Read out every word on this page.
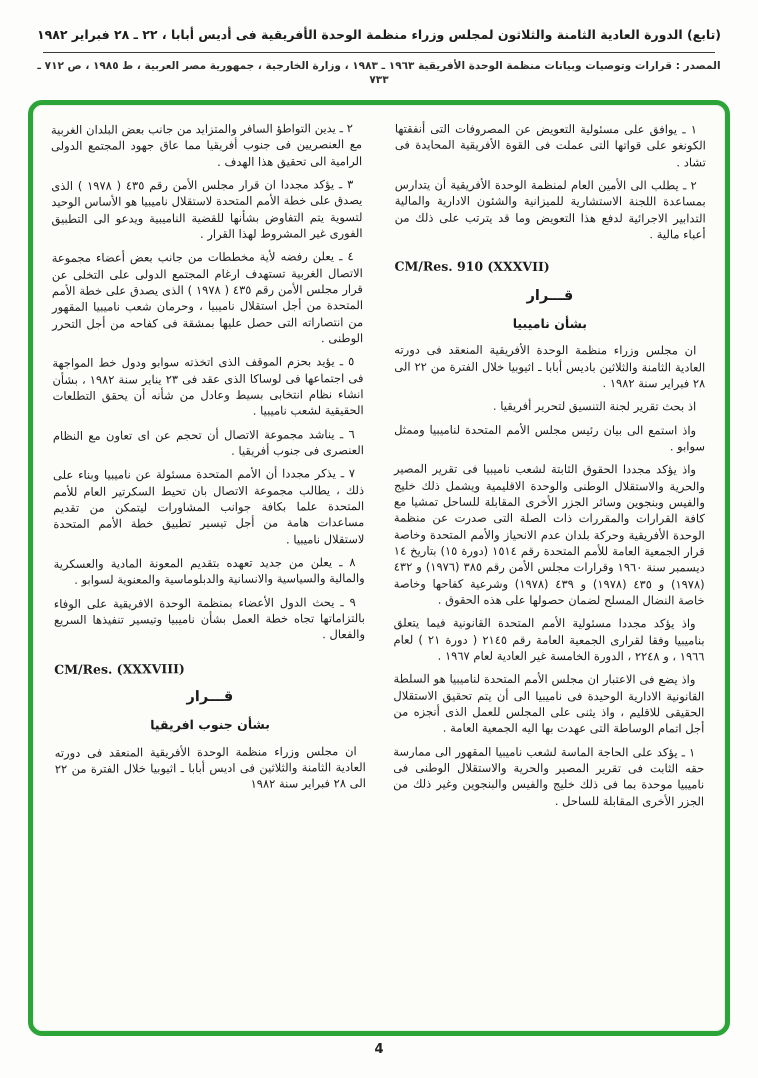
(تابع) الدورة العادية الثامنة والثلاثون لمجلس وزراء منظمة الوحدة الأفريقية فى أديس أبابا ، ٢٢ ـ ٢٨ فبراير ١٩٨٢
المصدر : قرارات وتوصيات وبيانات منظمة الوحدة الأفريقية ١٩٦٣ ـ ١٩٨٣ ، وزارة الخارجية ، جمهورية مصر العربية ، ط ١٩٨٥ ، ص ٧١٢ ـ ٧٣٣

١ ـ يوافق على مسئولية التعويض عن المصروفات التى أنفقتها الكونغو على قواتها التى عملت فى القوة الأفريقية المحايدة فى تشاد .

٢ ـ يطلب الى الأمين العام لمنظمة الوحدة الأفريقية أن يتدارس بمساعدة اللجنة الاستشارية للميزانية والشئون الادارية والمالية التدابير الاجرائية لدفع هذا التعويض وما قد يترتب على ذلك من أعباء مالية .

CM/Res. 910 (XXXVII)

قـــرار

بشأن ناميبيا

ان مجلس وزراء منظمة الوحدة الأفريقية المنعقد فى دورته العادية الثامنة والثلاثين باديس أبابا ـ اثيوبيا خلال الفترة من ٢٢ الى ٢٨ فبراير سنة ١٩٨٢ .

اذ بحث تقرير لجنة التنسيق لتحرير أفريقيا .

واذ استمع الى بيان رئيس مجلس الأمم المتحدة لناميبيا وممثل سوابو .

واذ يؤكد مجددا الحقوق الثابتة لشعب ناميبيا فى تقرير المصير والحرية والاستقلال الوطنى والوحدة الاقليمية ويشمل ذلك خليج والفيس وبنجوين وسائر الجزر الأخرى المقابلة للساحل تمشيا مع كافة القرارات والمقررات ذات الصلة التى صدرت عن منظمة الوحدة الأفريقية وحركة بلدان عدم الانحياز والأمم المتحدة وخاصة قرار الجمعية العامة للأمم المتحدة رقم ١٥١٤ (دورة ١٥) بتاريخ ١٤ ديسمبر سنة ١٩٦٠ وقرارات مجلس الأمن رقم ٣٨٥ (١٩٧٦) و ٤٣٢ (١٩٧٨) و ٤٣٥ (١٩٧٨) و ٤٣٩ (١٩٧٨) وشرعية كفاحها وخاصة خاصة النضال المسلح لضمان حصولها على هذه الحقوق .

واذ يؤكد مجددا مسئولية الأمم المتحدة القانونية فيما يتعلق بناميبيا وفقا لقرارى الجمعية العامة رقم ٢١٤٥ ( دورة ٢١ ) لعام ١٩٦٦ ، و ٢٢٤٨ ، الدورة الخامسة غير العادية لعام ١٩٦٧ .

واذ يضع فى الاعتبار ان مجلس الأمم المتحدة لناميبيا هو السلطة القانونية الادارية الوحيدة فى ناميبيا الى أن يتم تحقيق الاستقلال الحقيقى للاقليم ، واذ يثنى على المجلس للعمل الذى أنجزه من أجل اتمام الوساطة التى عهدت بها اليه الجمعية العامة .

١ ـ يؤكد على الحاجة الماسة لشعب ناميبيا المقهور الى ممارسة حقه الثابت فى تقرير المصير والحرية والاستقلال الوطنى فى ناميبيا موحدة بما فى ذلك خليج والفيس والبنجوين وغير ذلك من الجزر الأخرى المقابلة للساحل .

٢ ـ يدين التواطؤ السافر والمتزايد من جانب بعض البلدان الغربية مع العنصريين فى جنوب أفريقيا مما عاق جهود المجتمع الدولى الرامية الى تحقيق هذا الهدف .

٣ ـ يؤكد مجددا ان قرار مجلس الأمن رقم ٤٣٥ ( ١٩٧٨ ) الذى يصدق على خطة الأمم المتحدة لاستقلال ناميبيا هو الأساس الوحيد لتسوية يتم التفاوض بشأنها للقضية الناميبية ويدعو الى التطبيق الفورى غير المشروط لهذا القرار .

٤ ـ يعلن رفضه لأية مخططات من جانب بعض أعضاء مجموعة الاتصال الغربية تستهدف ارغام المجتمع الدولى على التخلى عن قرار مجلس الأمن رقم ٤٣٥ ( ١٩٧٨ ) الذى يصدق على خطة الأمم المتحدة من أجل استقلال ناميبيا ، وحرمان شعب ناميبيا المقهور من انتصاراته التى حصل عليها بمشقة فى كفاحه من أجل التحرر الوطنى .

٥ ـ يؤيد بحزم الموقف الذى اتخذته سوابو ودول خط المواجهة فى اجتماعها فى لوساكا الذى عقد فى ٢٣ يناير سنة ١٩٨٢ ، بشأن انشاء نظام انتخابى بسيط وعادل من شأنه أن يحقق التطلعات الحقيقية لشعب ناميبيا .

٦ ـ يناشد مجموعة الاتصال أن تحجم عن اى تعاون مع النظام العنصرى فى جنوب أفريقيا .

٧ ـ يذكر مجددا أن الأمم المتحدة مسئولة عن ناميبيا وبناء على ذلك ، يطالب مجموعة الاتصال بان تحيط السكرتير العام للأمم المتحدة علما بكافة جوانب المشاورات ليتمكن من تقديم مساعدات هامة من أجل تيسير تطبيق خطة الأمم المتحدة لاستقلال ناميبيا .

٨ ـ يعلن من جديد تعهده بتقديم المعونة المادية والعسكرية والمالية والسياسية والانسانية والدبلوماسية والمعنوية لسوابو .

٩ ـ يحث الدول الأعضاء بمنظمة الوحدة الافريقية على الوفاء بالتزاماتها تجاه خطة العمل بشأن ناميبيا وتيسير تنفيذها السريع والفعال .

CM/Res. (XXXVIII)

قـــرار

بشأن جنوب افريقيا

ان مجلس وزراء منظمة الوحدة الأفريقية المنعقد فى دورته العادية الثامنة والثلاثين فى اديس أبابا ـ اثيوبيا خلال الفترة من ٢٢ الى ٢٨ فبراير سنة ١٩٨٢

4
